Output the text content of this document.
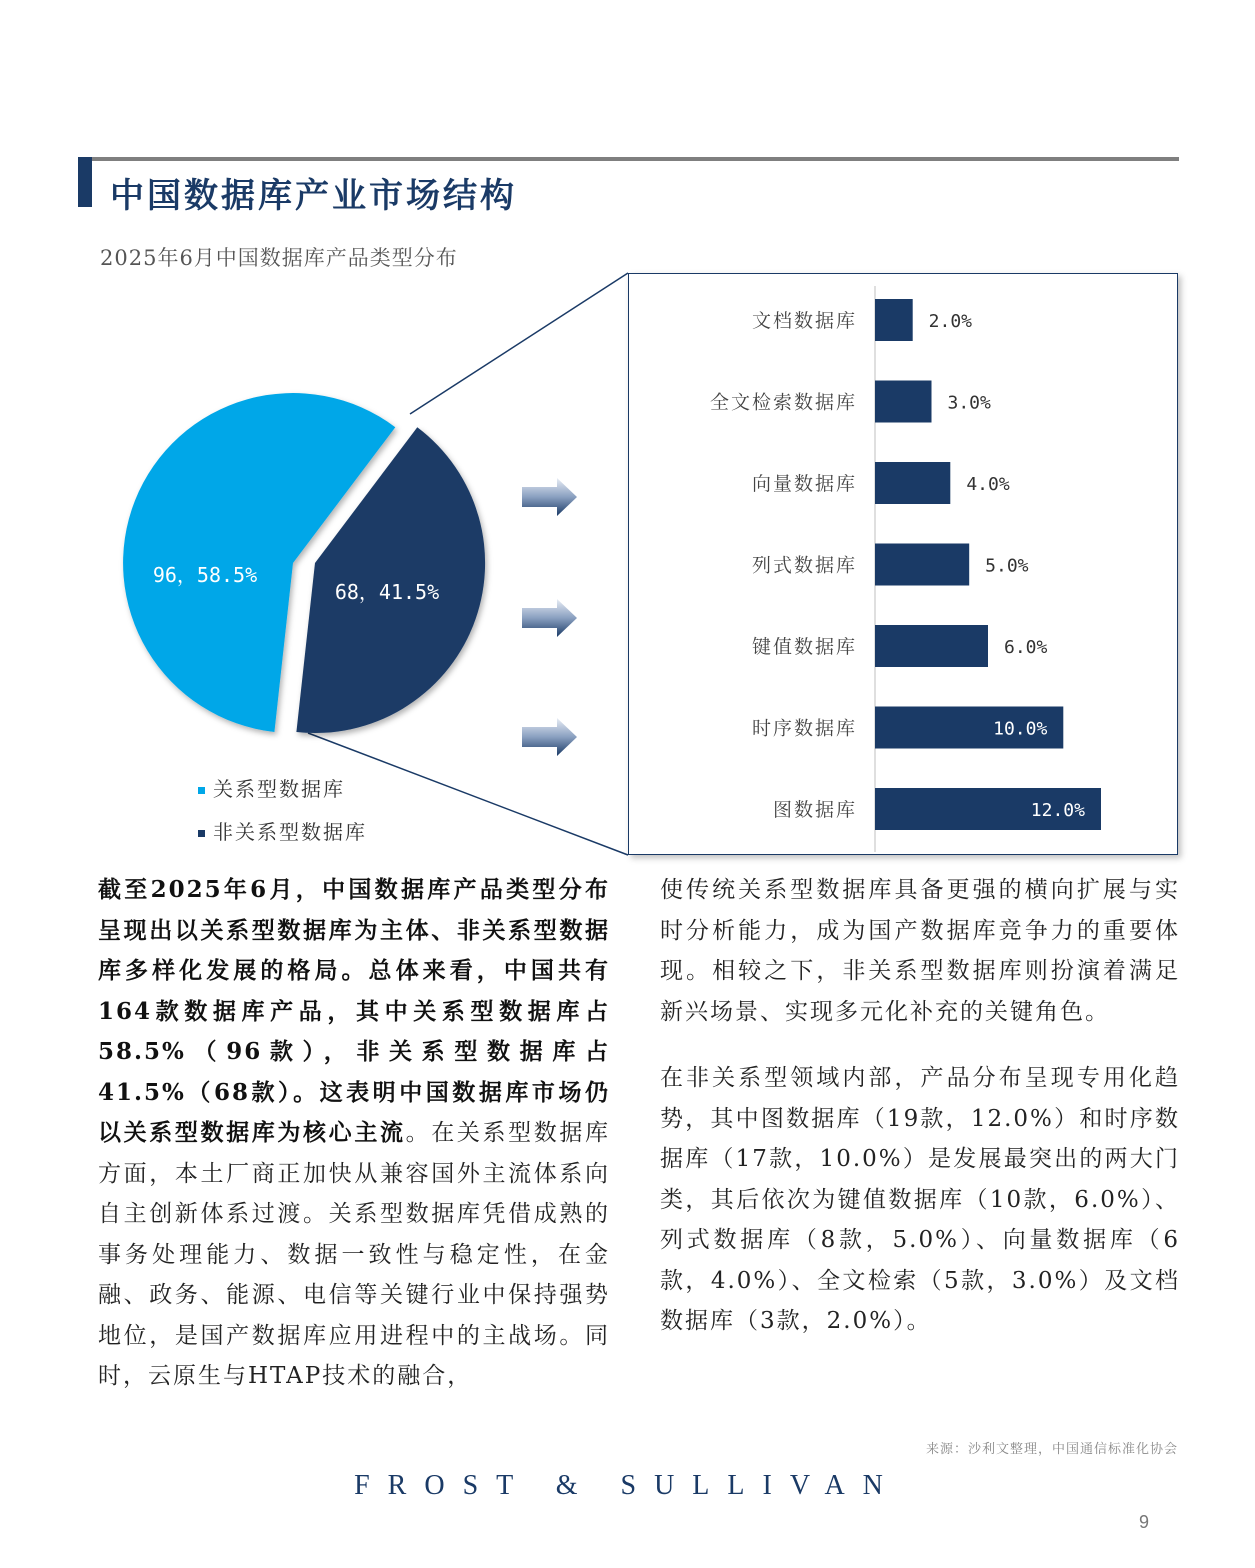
中国数据库产业市场结构
2025年6月中国数据库产品类型分布
96，58.5%
68，41.5%
关系型数据库
非关系型数据库
文档数据库	2.0%
全文检索数据库	3.0%
向量数据库	4.0%
列式数据库	5.0%
键值数据库	6.0%
时序数据库	10.0%
图数据库	12.0%

截至2025年6月，中国数据库产品类型分布呈现出以关系型数据库为主体、非关系型数据库多样化发展的格局。总体来看，中国共有164款数据库产品，其中关系型数据库占58.5%（96款），非关系型数据库占41.5%（68款）。这表明中国数据库市场仍以关系型数据库为核心主流。在关系型数据库方面，本土厂商正加快从兼容国外主流体系向自主创新体系过渡。关系型数据库凭借成熟的事务处理能力、数据一致性与稳定性，在金融、政务、能源、电信等关键行业中保持强势地位，是国产数据库应用进程中的主战场。同时，云原生与HTAP技术的融合，

使传统关系型数据库具备更强的横向扩展与实时分析能力，成为国产数据库竞争力的重要体现。相较之下，非关系型数据库则扮演着满足新兴场景、实现多元化补充的关键角色。

在非关系型领域内部，产品分布呈现专用化趋势，其中图数据库（19款，12.0%）和时序数据库（17款，10.0%）是发展最突出的两大门类，其后依次为键值数据库（10款，6.0%）、列式数据库（8款，5.0%）、向量数据库（6款，4.0%）、全文检索（5款，3.0%）及文档数据库（3款，2.0%）。

来源：沙利文整理，中国通信标准化协会
FROST & SULLIVAN
9
